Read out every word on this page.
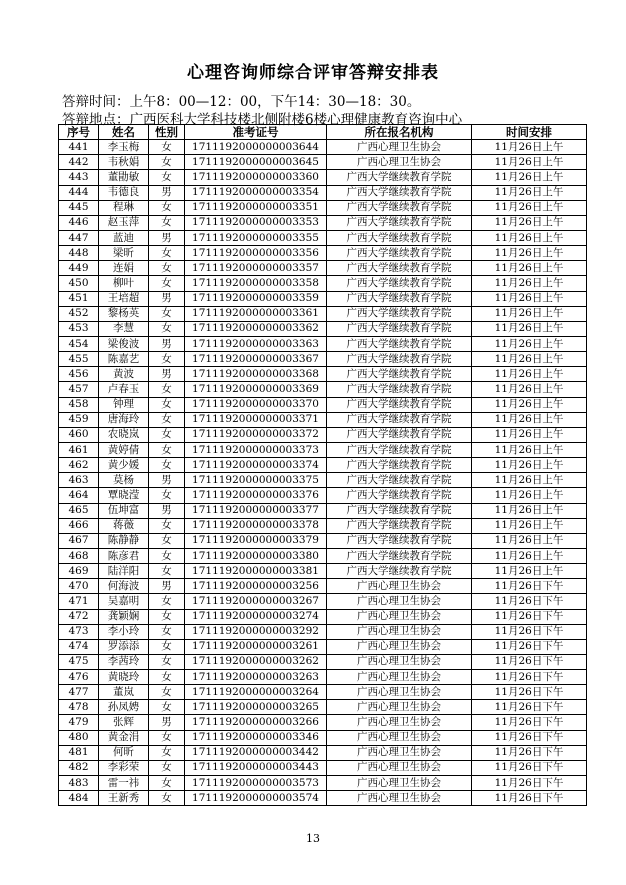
心理咨询师综合评审答辩安排表
答辩时间：上午8：00—12：00，下午14：30—18：30。
答辩地点：广西医科大学科技楼北侧附楼6楼心理健康教育咨询中心
序号	姓名	性别	准考证号	所在报名机构	时间安排
441	李玉梅	女	1711192000000003644	广西心理卫生协会	11月26日上午
442	韦秋娟	女	1711192000000003645	广西心理卫生协会	11月26日上午
443	董勖敏	女	1711192000000003360	广西大学继续教育学院	11月26日上午
444	韦德良	男	1711192000000003354	广西大学继续教育学院	11月26日上午
445	程琳	女	1711192000000003351	广西大学继续教育学院	11月26日上午
446	赵玉萍	女	1711192000000003353	广西大学继续教育学院	11月26日上午
447	蓝迪	男	1711192000000003355	广西大学继续教育学院	11月26日上午
448	梁昕	女	1711192000000003356	广西大学继续教育学院	11月26日上午
449	连娟	女	1711192000000003357	广西大学继续教育学院	11月26日上午
450	柳叶	女	1711192000000003358	广西大学继续教育学院	11月26日上午
451	王培超	男	1711192000000003359	广西大学继续教育学院	11月26日上午
452	黎杨英	女	1711192000000003361	广西大学继续教育学院	11月26日上午
453	李慧	女	1711192000000003362	广西大学继续教育学院	11月26日上午
454	梁俊波	男	1711192000000003363	广西大学继续教育学院	11月26日上午
455	陈嘉艺	女	1711192000000003367	广西大学继续教育学院	11月26日上午
456	黄波	男	1711192000000003368	广西大学继续教育学院	11月26日上午
457	卢春玉	女	1711192000000003369	广西大学继续教育学院	11月26日上午
458	钟理	女	1711192000000003370	广西大学继续教育学院	11月26日上午
459	唐海玲	女	1711192000000003371	广西大学继续教育学院	11月26日上午
460	农晓岚	女	1711192000000003372	广西大学继续教育学院	11月26日上午
461	黄婷倩	女	1711192000000003373	广西大学继续教育学院	11月26日上午
462	黄少媛	女	1711192000000003374	广西大学继续教育学院	11月26日上午
463	莫杨	男	1711192000000003375	广西大学继续教育学院	11月26日上午
464	覃晓滢	女	1711192000000003376	广西大学继续教育学院	11月26日上午
465	伍坤富	男	1711192000000003377	广西大学继续教育学院	11月26日上午
466	蒋薇	女	1711192000000003378	广西大学继续教育学院	11月26日上午
467	陈静静	女	1711192000000003379	广西大学继续教育学院	11月26日上午
468	陈彦君	女	1711192000000003380	广西大学继续教育学院	11月26日上午
469	陆洋阳	女	1711192000000003381	广西大学继续教育学院	11月26日上午
470	何海波	男	1711192000000003256	广西心理卫生协会	11月26日下午
471	吴嘉明	女	1711192000000003267	广西心理卫生协会	11月26日下午
472	龚颖娴	女	1711192000000003274	广西心理卫生协会	11月26日下午
473	李小玲	女	1711192000000003292	广西心理卫生协会	11月26日下午
474	罗添添	女	1711192000000003261	广西心理卫生协会	11月26日下午
475	李茜玲	女	1711192000000003262	广西心理卫生协会	11月26日下午
476	黄晓玲	女	1711192000000003263	广西心理卫生协会	11月26日下午
477	董岚	女	1711192000000003264	广西心理卫生协会	11月26日下午
478	孙凤娉	女	1711192000000003265	广西心理卫生协会	11月26日下午
479	张辉	男	1711192000000003266	广西心理卫生协会	11月26日下午
480	黄金涓	女	1711192000000003346	广西心理卫生协会	11月26日下午
481	何昕	女	1711192000000003442	广西心理卫生协会	11月26日下午
482	李彩荣	女	1711192000000003443	广西心理卫生协会	11月26日下午
483	雷一祎	女	1711192000000003573	广西心理卫生协会	11月26日下午
484	王新秀	女	1711192000000003574	广西心理卫生协会	11月26日下午
13
